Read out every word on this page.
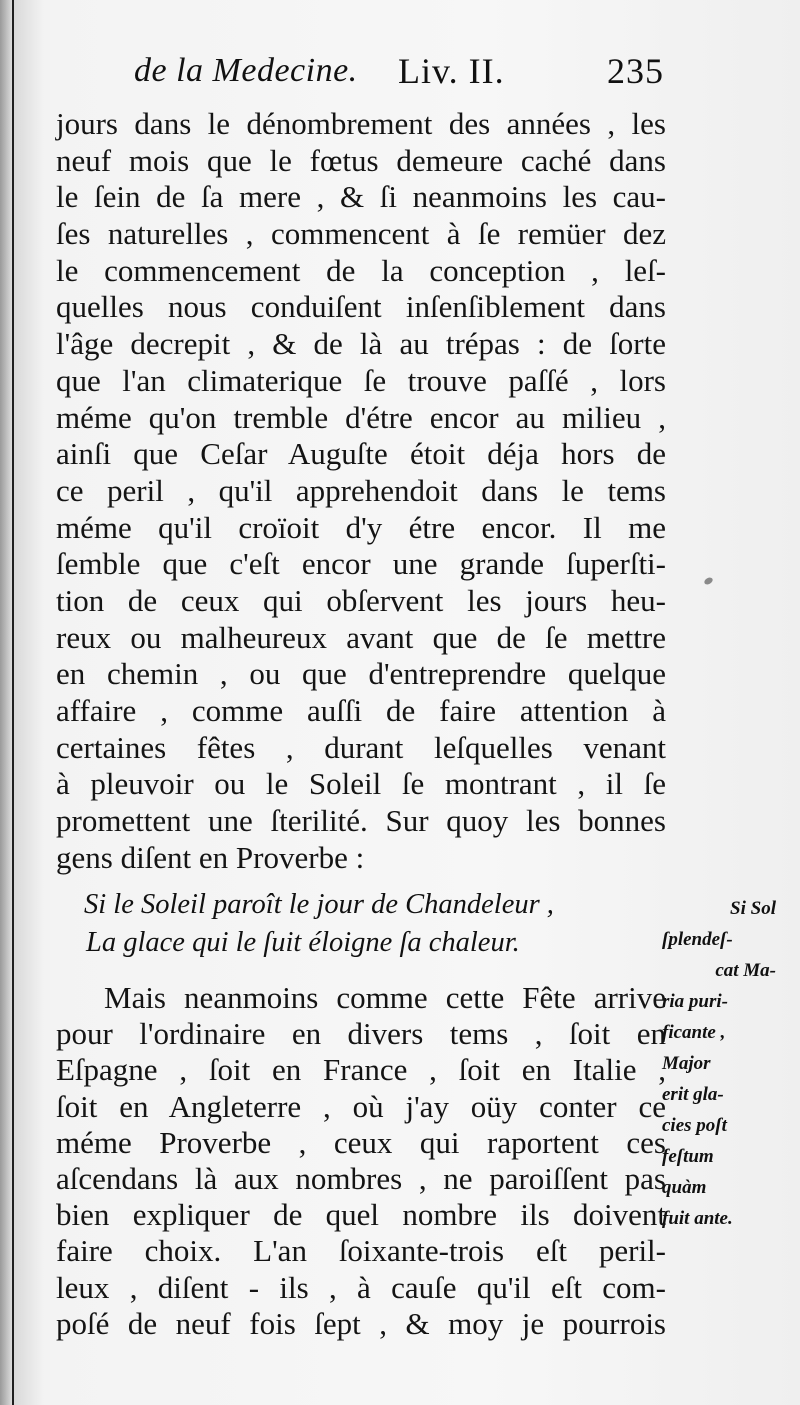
de la Medecine. Liv. II.	235
jours dans le dénombrement des années , les
neuf mois que le fœtus demeure caché dans
le ſein de ſa mere , & ſi neanmoins les cau-
ſes naturelles , commencent à ſe remüer dez
le commencement de la conception , leſ-
quelles nous conduiſent inſenſiblement dans
l'âge decrepit , & de là au trépas : de ſorte
que l'an climaterique ſe trouve paſſé , lors
méme qu'on tremble d'étre encor au milieu ,
ainſi que Ceſar Auguſte étoit déja hors de
ce peril , qu'il apprehendoit dans le tems
méme qu'il croïoit d'y étre encor. Il me
ſemble que c'eſt encor une grande ſuperſti-
tion de ceux qui obſervent les jours heu-
reux ou malheureux avant que de ſe mettre
en chemin , ou que d'entreprendre quelque
affaire , comme auſſi de faire attention à
certaines fêtes , durant leſquelles venant
à pleuvoir ou le Soleil ſe montrant , il ſe
promettent une ſterilité. Sur quoy les bonnes
gens diſent en Proverbe :
Si le Soleil paroît le jour de Chandeleur ,
La glace qui le ſuit éloigne ſa chaleur.
Si Sol
ſplendeſ-
cat Ma-
ria puri-
ficante ,
Major
erit gla-
cies poſt
feſtum
quàm
fuit ante.
Mais neanmoins comme cette Fête arrive
pour l'ordinaire en divers tems , ſoit en
Eſpagne , ſoit en France , ſoit en Italie ,
ſoit en Angleterre , où j'ay oüy conter ce
méme Proverbe , ceux qui raportent ces
aſcendans là aux nombres , ne paroiſſent pas
bien expliquer de quel nombre ils doivent
faire choix. L'an ſoixante-trois eſt peril-
leux , diſent - ils , à cauſe qu'il eſt com-
poſé de neuf fois ſept , & moy je pourrois
